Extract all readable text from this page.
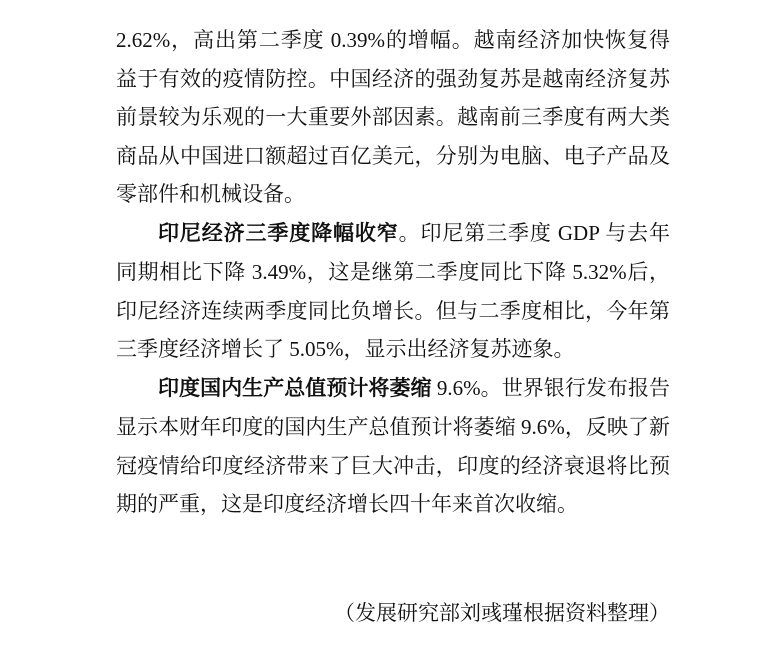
2.62%，高出第二季度 0.39%的增幅。越南经济加快恢复得益于有效的疫情防控。中国经济的强劲复苏是越南经济复苏前景较为乐观的一大重要外部因素。越南前三季度有两大类商品从中国进口额超过百亿美元，分别为电脑、电子产品及零部件和机械设备。

印尼经济三季度降幅收窄。印尼第三季度 GDP 与去年同期相比下降 3.49%，这是继第二季度同比下降 5.32%后，印尼经济连续两季度同比负增长。但与二季度相比，今年第三季度经济增长了 5.05%，显示出经济复苏迹象。

印度国内生产总值预计将萎缩 9.6%。世界银行发布报告显示本财年印度的国内生产总值预计将萎缩 9.6%，反映了新冠疫情给印度经济带来了巨大冲击，印度的经济衰退将比预期的严重，这是印度经济增长四十年来首次收缩。

（发展研究部刘彧瑾根据资料整理）
